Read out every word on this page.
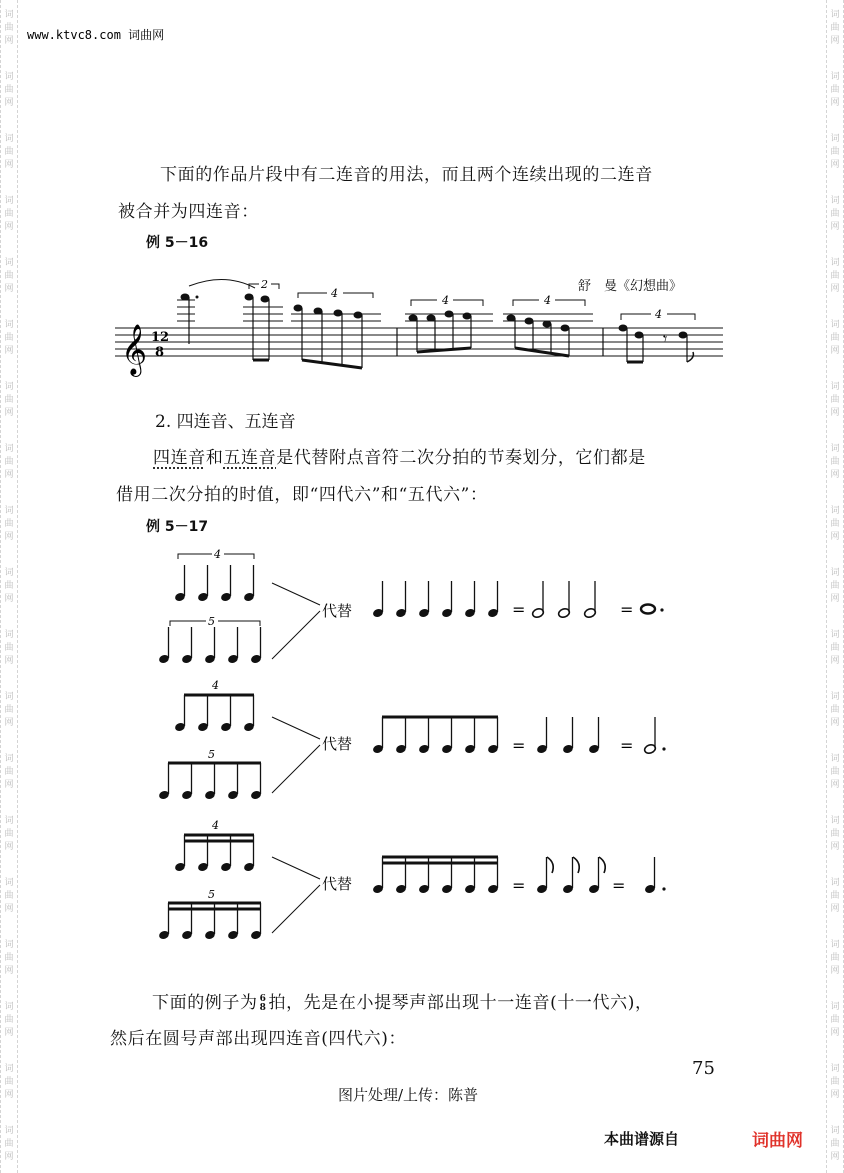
词
曲
网
词
曲
网
词
曲
网
词
曲
网
词
曲
网
词
曲
网
词
曲
网
词
曲
网
词
曲
网
词
曲
网
词
曲
网
词
曲
网
词
曲
网
词
曲
网
词
曲
网
词
曲
网
词
曲
网
词
曲
网
词
曲
网
词
曲
网
词
曲
网
词
曲
网
词
曲
网
词
曲
网
词
曲
网
词
曲
网
词
曲
网
词
曲
网
词
曲
网
词
曲
网
词
曲
网
词
曲
网
词
曲
网
词
曲
网
词
曲
网
词
曲
网
词
曲
网
词
曲
网
www.ktvc8.com 词曲网
下面的作品片段中有二连音的用法，而且两个连续出现的二连音
被合并为四连音：
例 5－16
舒　曼《幻想曲》
𝄞 12
8
2
4
4	4
𝄾
4
2. 四连音、五连音
四连音和五连音是代替附点音符二次分拍的节奏划分，它们都是
借用二次分拍的时值，即“四代六”和“五代六”：
例 5－17
4
5
代替	=	=
4
5
代替	=	=
4
5
代替	=	=
下面的例子为 6
8 拍，先是在小提琴声部出现十一连音(十一代六)，
然后在圆号声部出现四连音(四代六)：
75
图片处理/上传：陈普
本曲谱源自	词曲网
